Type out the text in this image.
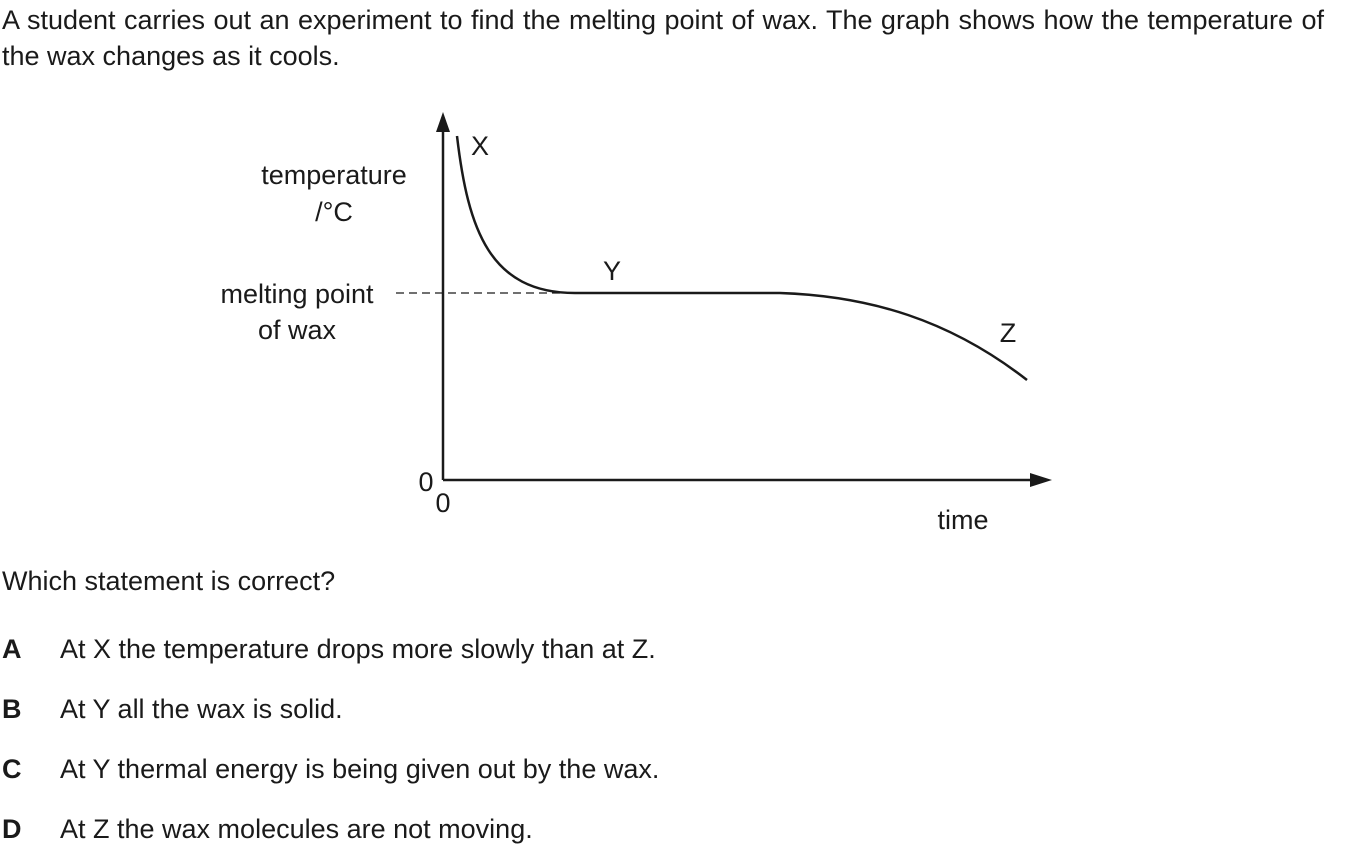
A student carries out an experiment to find the melting point of wax. The graph shows how the temperature of the wax changes as it cools.
temperature
/°C
melting point
of wax
0
0
time
X
Y
Z
Which statement is correct?
A At X the temperature drops more slowly than at Z.
B At Y all the wax is solid.
C At Y thermal energy is being given out by the wax.
D At Z the wax molecules are not moving.
